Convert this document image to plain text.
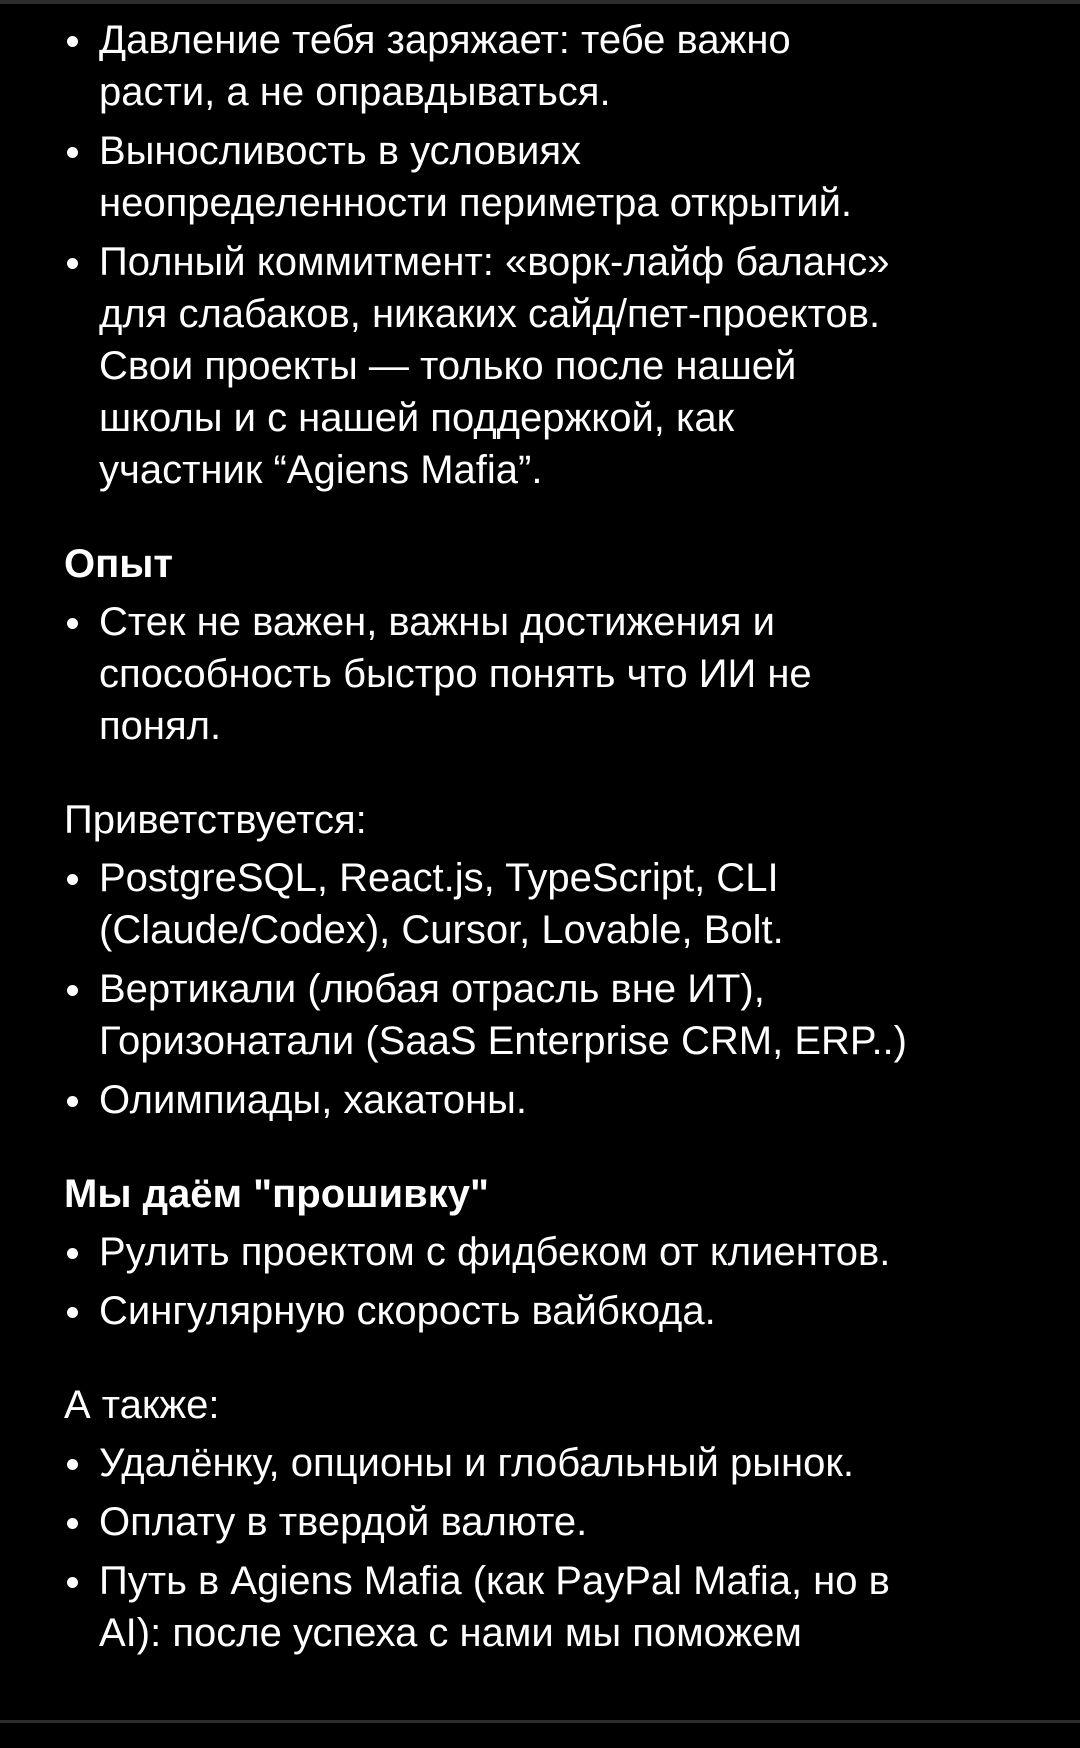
Давление тебя заряжает: тебе важно
расти, а не оправдываться.
Выносливость в условиях
неопределенности периметра открытий.
Полный коммитмент: «ворк-лайф баланс»
для слабаков, никаких сайд/пет-проектов.
Свои проекты — только после нашей
школы и с нашей поддержкой, как
участник “Agiens Mafia”.
Опыт
Стек не важен, важны достижения и
способность быстро понять что ИИ не
понял.
Приветствуется:
PostgreSQL, React.js, TypeScript, CLI
(Claude/Codex), Cursor, Lovable, Bolt.
Вертикали (любая отрасль вне ИТ),
Горизонатали (SaaS Enterprise CRM, ERP..)
Олимпиады, хакатоны.
Мы даём "прошивку"
Рулить проектом с фидбеком от клиентов.
Сингулярную скорость вайбкода.
А также:
Удалёнку, опционы и глобальный рынок.
Оплату в твердой валюте.
Путь в Agiens Mafia (как PayPal Mafia, но в
AI): после успеха с нами мы поможем
